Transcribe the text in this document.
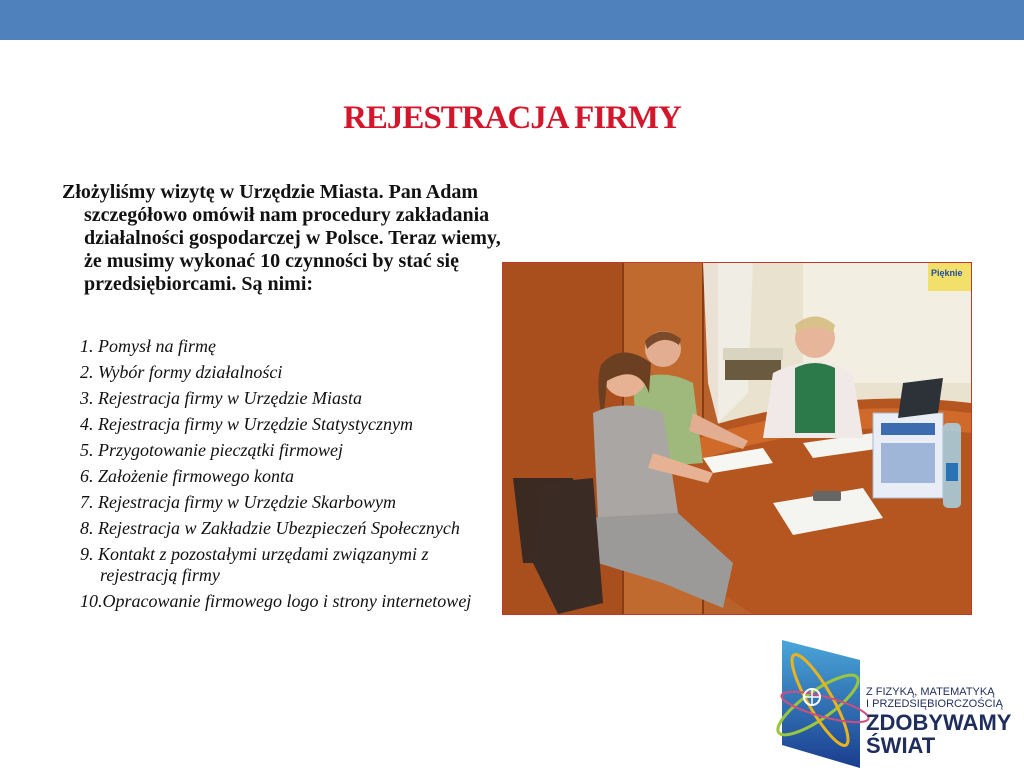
REJESTRACJA FIRMY
Złożyliśmy wizytę w Urzędzie Miasta. Pan Adam szczegółowo omówił nam procedury zakładania działalności gospodarczej w Polsce. Teraz wiemy, że musimy wykonać 10 czynności by stać się przedsiębiorcami. Są nimi:
1. Pomysł na firmę
2. Wybór formy działalności
3. Rejestracja firmy w Urzędzie Miasta
4. Rejestracja firmy w Urzędzie Statystycznym
5. Przygotowanie pieczątki firmowej
6. Założenie firmowego konta
7. Rejestracja firmy w Urzędzie Skarbowym
8. Rejestracja w Zakładzie Ubezpieczeń Społecznych
9. Kontakt z pozostałymi urzędami związanymi z rejestracją firmy
10.Opracowanie firmowego logo i strony internetowej
Pięknie
Z FIZYKĄ, MATEMATYKĄ
I PRZEDSIĘBIORCZOŚCIĄ
ZDOBYWAMY
ŚWIAT
